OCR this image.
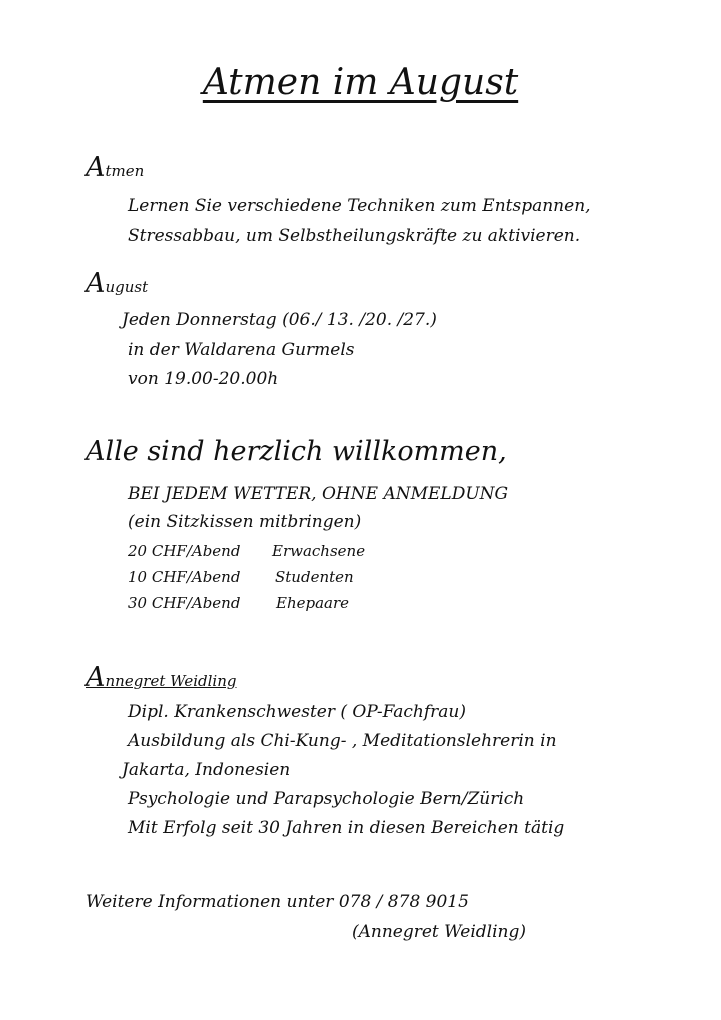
Atmen im August
Atmen
Lernen Sie verschiedene Techniken zum Entspannen,
Stressabbau, um Selbstheilungskräfte zu aktivieren.
August
Jeden Donnerstag (06./ 13. /20. /27.)
in der Waldarena Gurmels
von 19.00-20.00h
Alle sind herzlich willkommen,
BEI JEDEM WETTER, OHNE ANMELDUNG
(ein Sitzkissen mitbringen)
20 CHF/Abend Erwachsene
10 CHF/Abend Studenten
30 CHF/Abend Ehepaare
Annegret Weidling
Dipl. Krankenschwester ( OP-Fachfrau)
Ausbildung als Chi-Kung- , Meditationslehrerin in
Jakarta, Indonesien
Psychologie und Parapsychologie Bern/Zürich
Mit Erfolg seit 30 Jahren in diesen Bereichen tätig
Weitere Informationen unter 078 / 878 9015
(Annegret Weidling)
